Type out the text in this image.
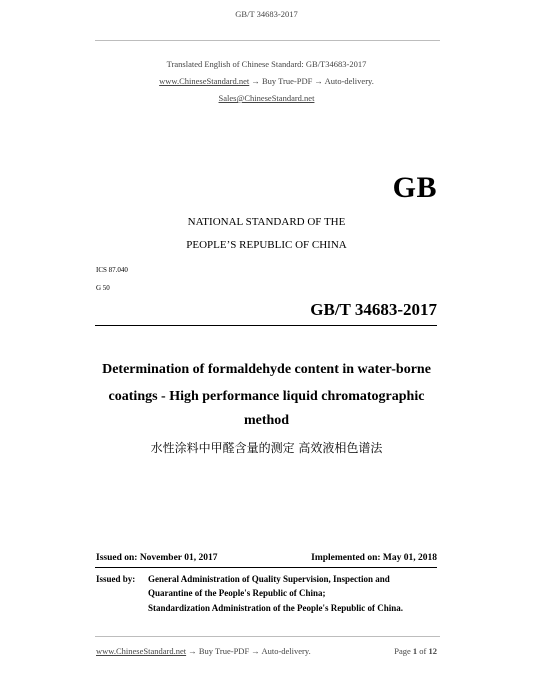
GB/T 34683-2017
Translated English of Chinese Standard: GB/T34683-2017
www.ChineseStandard.net → Buy True-PDF → Auto-delivery.
Sales@ChineseStandard.net
GB
NATIONAL STANDARD OF THE
PEOPLE’S REPUBLIC OF CHINA
ICS 87.040
G 50
GB/T 34683-2017
Determination of formaldehyde content in water-borne
coatings - High performance liquid chromatographic
method
水性涂料中甲醛含量的测定 高效液相色谱法
Issued on: November 01, 2017	Implemented on: May 01, 2018
Issued by: General Administration of Quality Supervision, Inspection and
Quarantine of the People's Republic of China;
Standardization Administration of the People's Republic of China.
www.ChineseStandard.net → Buy True-PDF → Auto-delivery.	Page 1 of 12
